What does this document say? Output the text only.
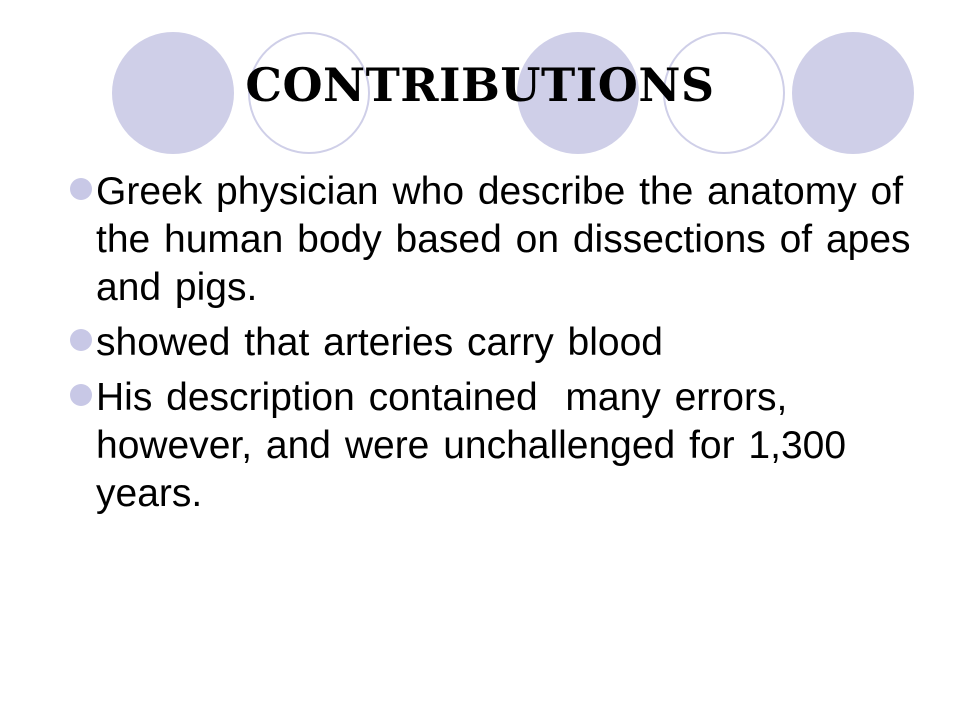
CONTRIBUTIONS
Greek physician who describe the anatomy of the human body based on dissections of apes and pigs.
showed that arteries carry blood
His description contained  many errors, however, and were unchallenged for 1,300 years.
